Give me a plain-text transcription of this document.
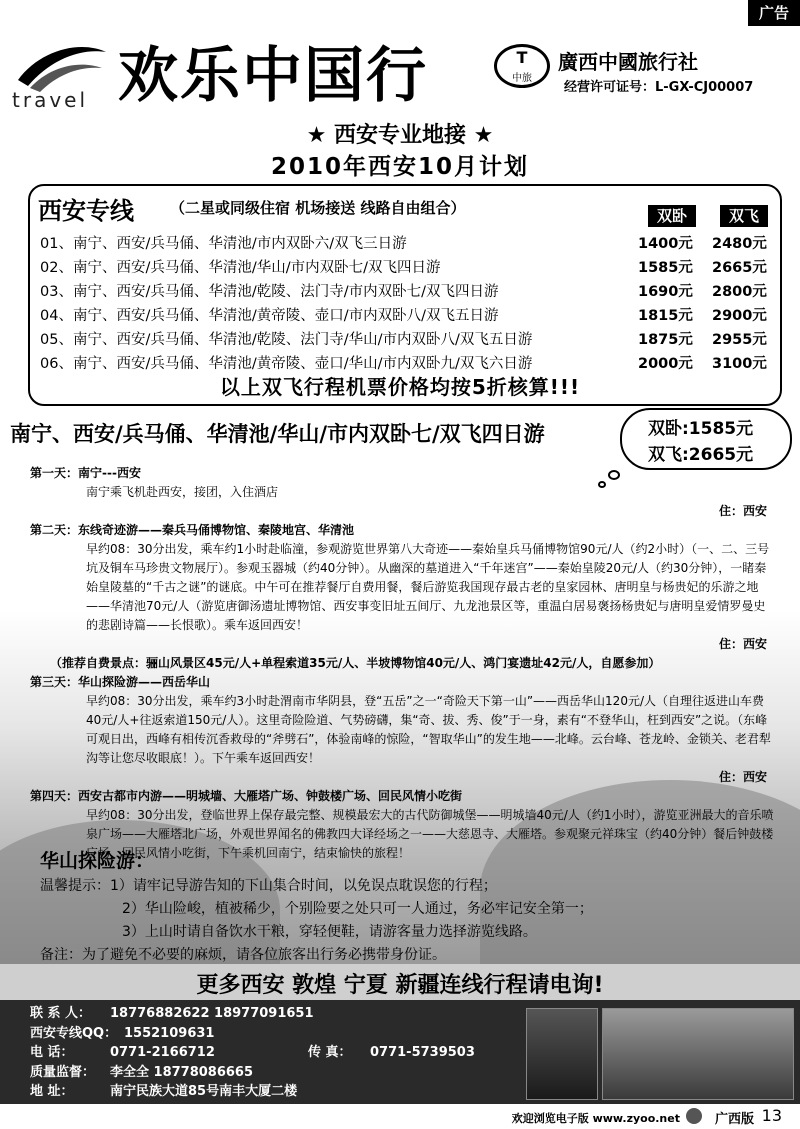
广告
travel 欢乐中国行	T
中旅
廣西中國旅行社
经营许可证号：L-GX-CJ00007
★ 西安专业地接 ★
2010年西安10月计划
西安专线 （二星或同级住宿 机场接送 线路自由组合）	双卧	双飞
01、南宁、西安/兵马俑、华清池/市内双卧六/双飞三日游	1400元 2480元
02、南宁、西安/兵马俑、华清池/华山/市内双卧七/双飞四日游	1585元 2665元
03、南宁、西安/兵马俑、华清池/乾陵、法门寺/市内双卧七/双飞四日游	1690元 2800元
04、南宁、西安/兵马俑、华清池/黄帝陵、壶口/市内双卧八/双飞五日游	1815元 2900元
05、南宁、西安/兵马俑、华清池/乾陵、法门寺/华山/市内双卧八/双飞五日游	1875元 2955元
06、南宁、西安/兵马俑、华清池/黄帝陵、壶口/华山/市内双卧九/双飞六日游	2000元 3100元
以上双飞行程机票价格均按5折核算!!!
南宁、西安/兵马俑、华清池/华山/市内双卧七/双飞四日游	双卧:1585元
双飞:2665元
第一天：南宁---西安
南宁乘飞机赴西安，接团，入住酒店
住：西安
第二天：东线奇迹游——秦兵马俑博物馆、秦陵地宫、华清池
早约08：30分出发，乘车约1小时赴临潼，参观游览世界第八大奇迹——秦始皇兵马俑博物馆90元/人（约2小时）（一、二、三号坑及铜车马珍贵文物展厅）。参观玉器城（约40分钟）。从幽深的墓道进入“千年迷宫”——秦始皇陵20元/人（约30分钟），一睹秦始皇陵墓的“千古之谜”的谜底。中午可在推荐餐厅自费用餐，餐后游览我国现存最古老的皇家园林、唐明皇与杨贵妃的乐游之地——华清池70元/人（游览唐御汤遗址博物馆、西安事变旧址五间厅、九龙池景区等，重温白居易褒扬杨贵妃与唐明皇爱情罗曼史的悲剧诗篇——长恨歌）。乘车返回西安！
住：西安
（推荐自费景点：骊山风景区45元/人+单程索道35元/人、半坡博物馆40元/人、鸿门宴遗址42元/人，自愿参加）
第三天：华山探险游——西岳华山
早约08：30分出发，乘车约3小时赴渭南市华阴县，登“五岳”之一“奇险天下第一山”——西岳华山120元/人（自理往返进山车费40元/人+往返索道150元/人）。这里奇险险道、气势磅礴，集“奇、拔、秀、俊”于一身，素有“不登华山，枉到西安”之说。（东峰可观日出，西峰有相传沉香救母的“斧劈石”，体验南峰的惊险，“智取华山”的发生地——北峰。云台峰、苍龙岭、金锁关、老君犁沟等让您尽收眼底！）。下午乘车返回西安！
住：西安
第四天：西安古都市内游——明城墙、大雁塔广场、钟鼓楼广场、回民风情小吃街
早约08：30分出发，登临世界上保存最完整、规模最宏大的古代防御城堡——明城墙40元/人（约1小时），游览亚洲最大的音乐喷泉广场——大雁塔北广场，外观世界闻名的佛教四大译经场之一——大慈恩寺、大雁塔。参观聚元祥珠宝（约40分钟）餐后钟鼓楼广场、回民风情小吃街，下午乘机回南宁，结束愉快的旅程！
华山探险游：
温馨提示：1）请牢记导游告知的下山集合时间，以免误点耽误您的行程；
2）华山险峻，植被稀少，个别险要之处只可一人通过，务必牢记安全第一；
3）上山时请自备饮水干粮，穿轻便鞋，请游客量力选择游览线路。
备注：为了避免不必要的麻烦，请各位旅客出行务必携带身份证。
更多西安 敦煌 宁夏 新疆连线行程请电询!
联 系 人： 18776882622 18977091651
西安专线QQ： 1552109631
电 话：	0771-2166712	传 真： 0771-5739503
质量监督： 李全全 18778086665
地 址：	南宁民族大道85号南丰大厦二楼
欢迎浏览电子版 www.zyoo.net	广西版 13
